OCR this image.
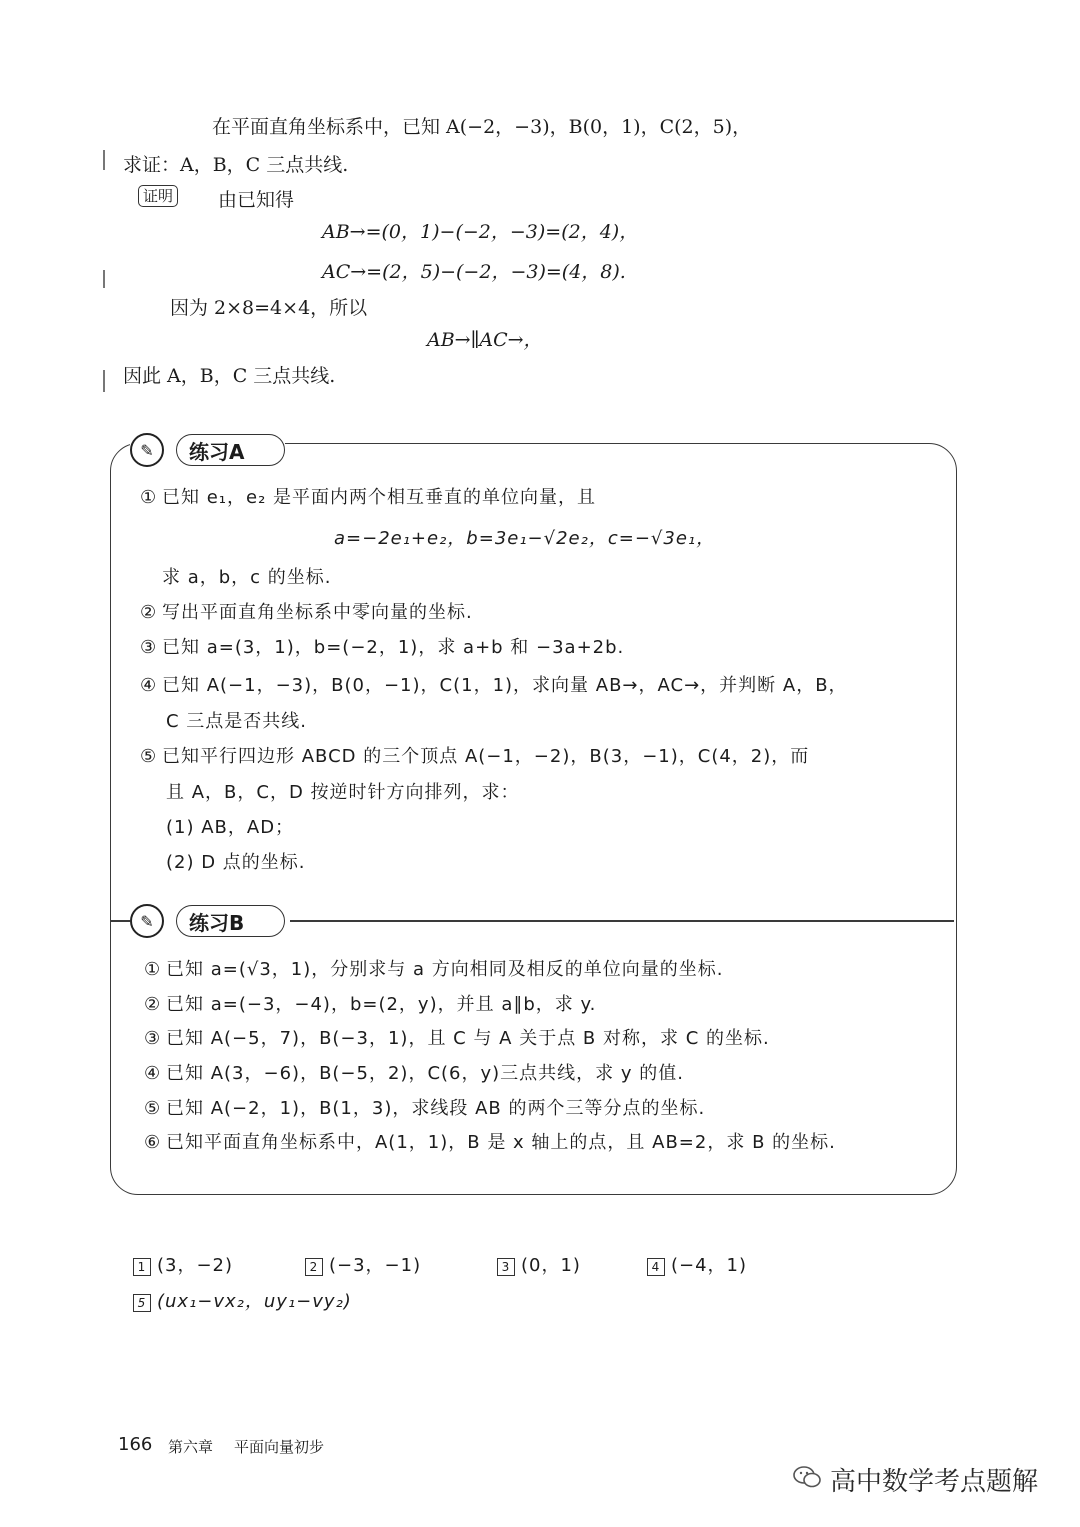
在平面直角坐标系中，已知 A(−2，−3)，B(0，1)，C(2，5)，
求证：A，B，C 三点共线.
证明 由已知得
AB→=(0，1)−(−2，−3)=(2，4)，
AC→=(2，5)−(−2，−3)=(4，8).
因为 2×8=4×4，所以
AB→∥AC→，
因此 A，B，C 三点共线.
✎	练习A
① 已知 e₁，e₂ 是平面内两个相互垂直的单位向量，且
a=−2e₁+e₂，b=3e₁−√2e₂，c=−√3e₁，
求 a，b，c 的坐标.
② 写出平面直角坐标系中零向量的坐标.
③ 已知 a=(3，1)，b=(−2，1)，求 a+b 和 −3a+2b.
④ 已知 A(−1，−3)，B(0，−1)，C(1，1)，求向量 AB→，AC→，并判断 A，B，
C 三点是否共线.
⑤ 已知平行四边形 ABCD 的三个顶点 A(−1，−2)，B(3，−1)，C(4，2)，而
且 A，B，C，D 按逆时针方向排列，求：
(1) AB，AD；
(2) D 点的坐标.
✎	练习B
① 已知 a=(√3，1)，分别求与 a 方向相同及相反的单位向量的坐标.
② 已知 a=(−3，−4)，b=(2，y)，并且 a∥b，求 y.
③ 已知 A(−5，7)，B(−3，1)，且 C 与 A 关于点 B 对称，求 C 的坐标.
④ 已知 A(3，−6)，B(−5，2)，C(6，y)三点共线，求 y 的值.
⑤ 已知 A(−2，1)，B(1，3)，求线段 AB 的两个三等分点的坐标.
⑥ 已知平面直角坐标系中，A(1，1)，B 是 x 轴上的点，且 AB=2，求 B 的坐标.
1 (3，−2)	2 (−3，−1)	3 (0，1)	4 (−4，1)
5 (ux₁−vx₂，uy₁−vy₂)
166 第六章 平面向量初步
高中数学考点题解
